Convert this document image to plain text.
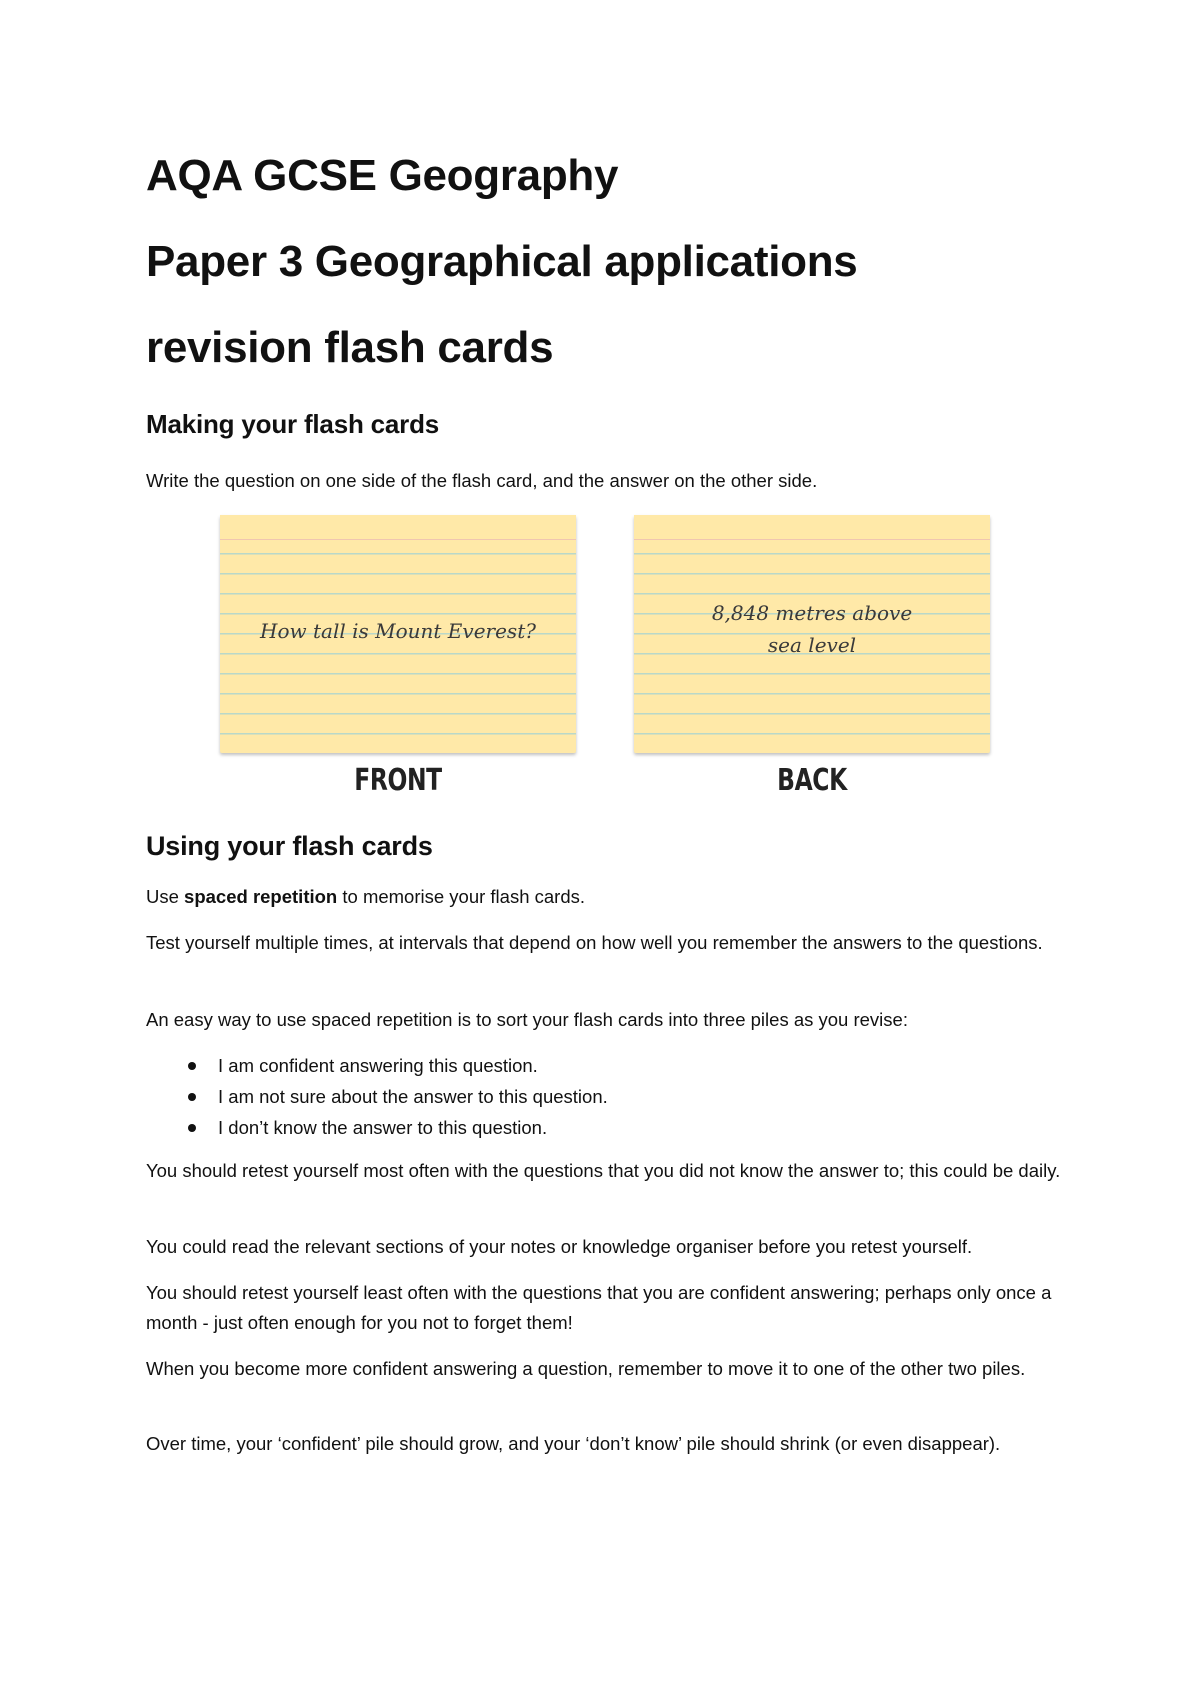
AQA GCSE Geography
Paper 3 Geographical applications
revision flash cards
Making your flash cards

Write the question on one side of the flash card, and the answer on the other side.

How tall is Mount Everest?
FRONT
8,848 metres above sea level
BACK
Using your flash cards

Use spaced repetition to memorise your flash cards.

Test yourself multiple times, at intervals that depend on how well you remember the answers to the questions.

An easy way to use spaced repetition is to sort your flash cards into three piles as you revise:

I am confident answering this question.
I am not sure about the answer to this question.
I don’t know the answer to this question.

You should retest yourself most often with the questions that you did not know the answer to; this could be daily.

You could read the relevant sections of your notes or knowledge organiser before you retest yourself.

You should retest yourself least often with the questions that you are confident answering; perhaps only once a month - just often enough for you not to forget them!

When you become more confident answering a question, remember to move it to one of the other two piles.

Over time, your ‘confident’ pile should grow, and your ‘don’t know’ pile should shrink (or even disappear).
